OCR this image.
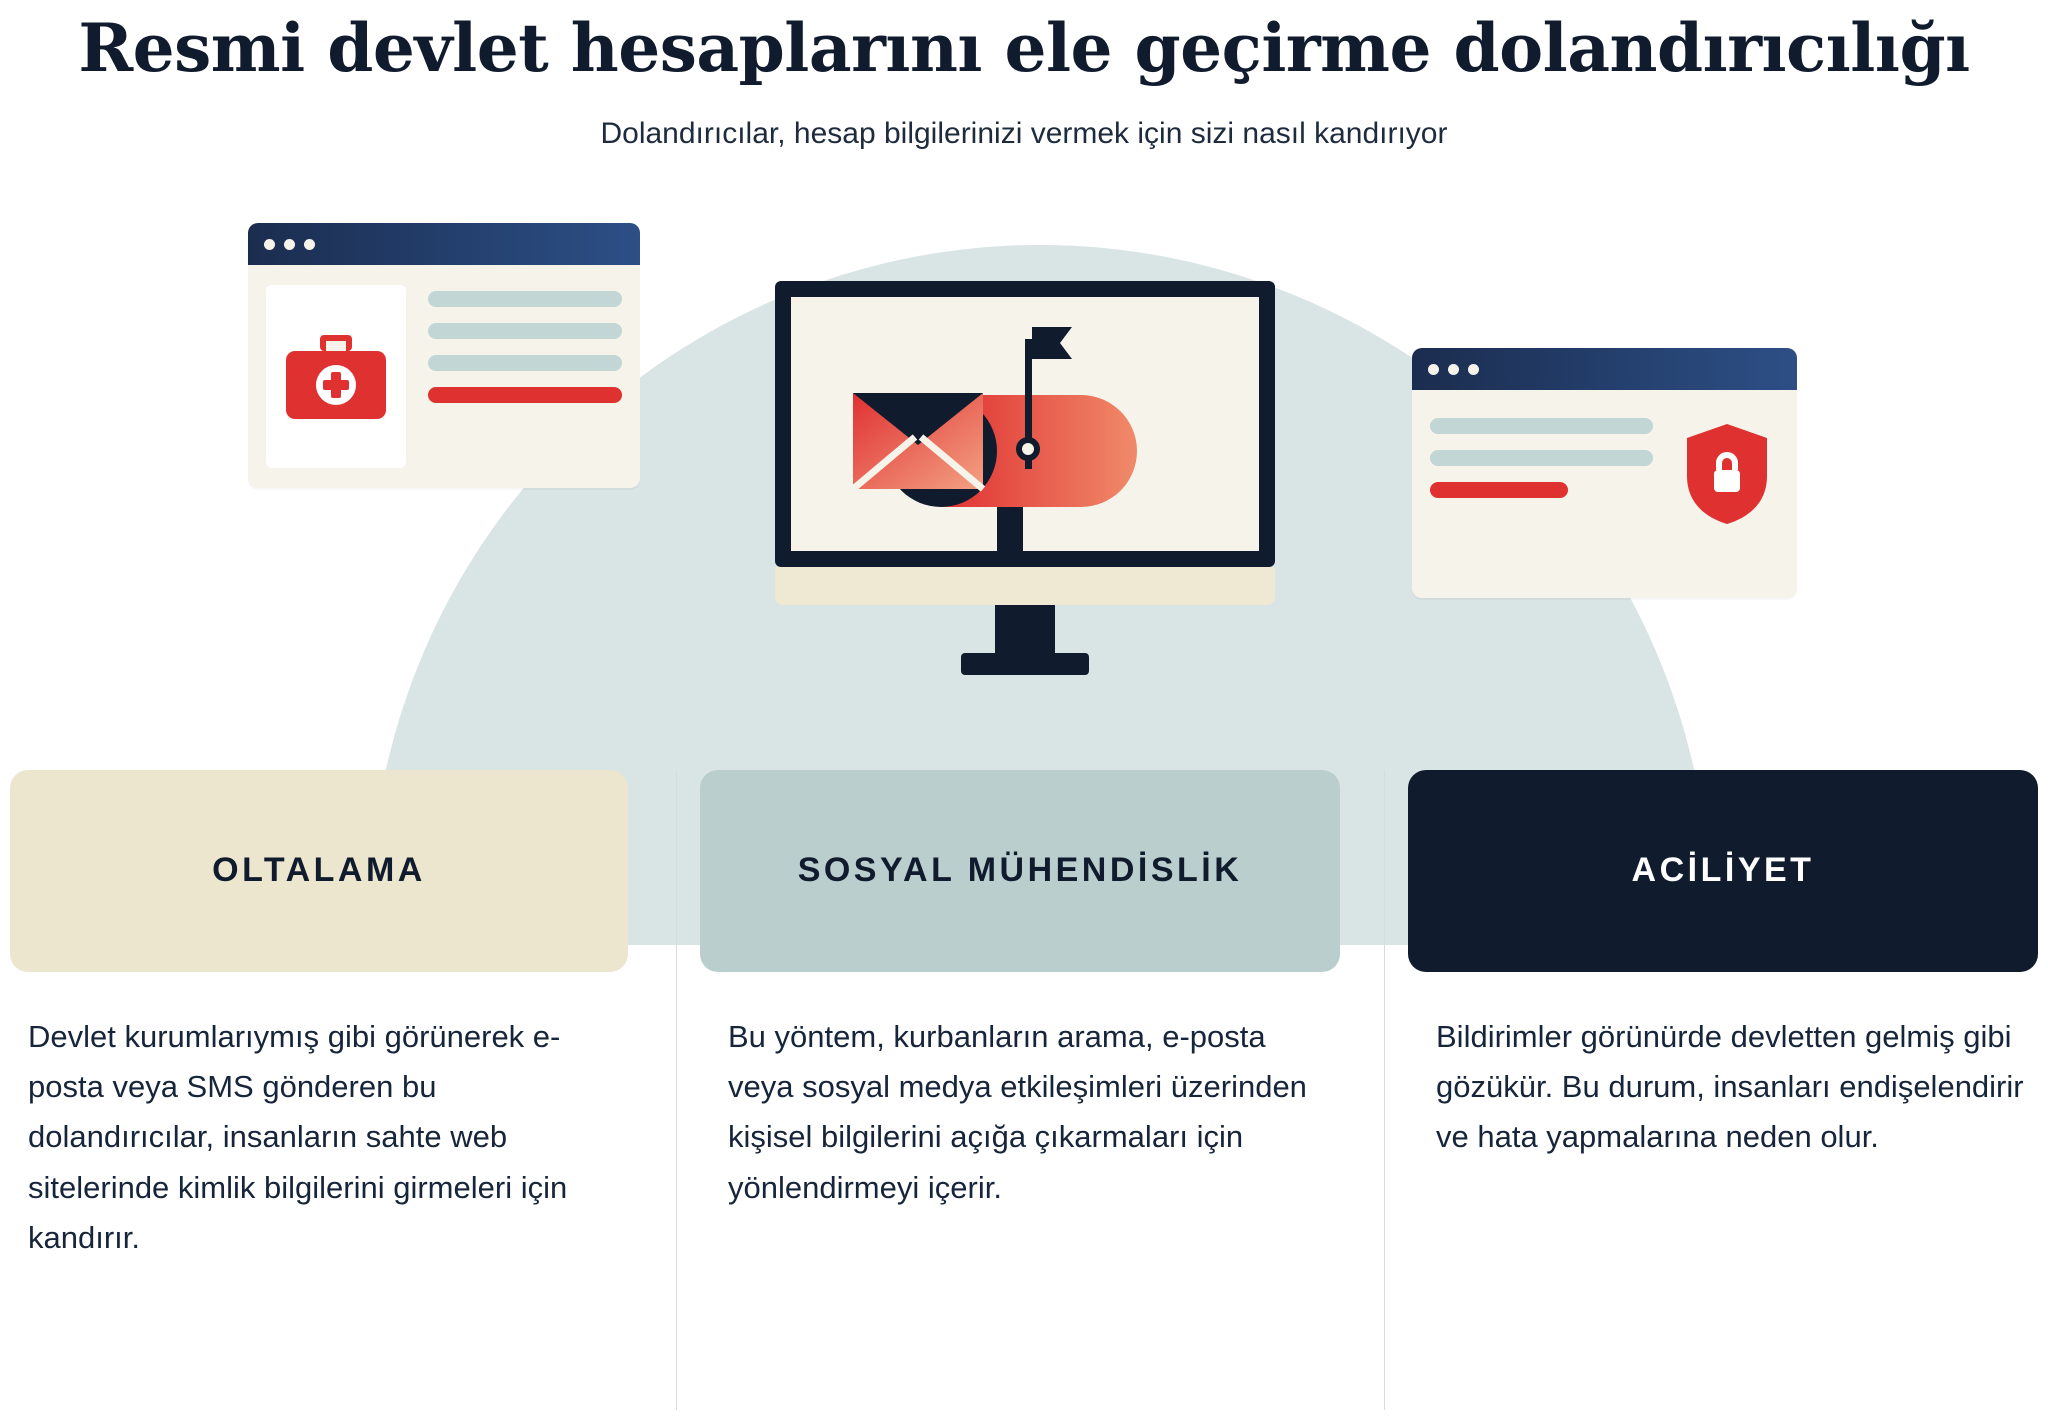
Resmi devlet hesaplarını ele geçirme dolandırıcılığı

Dolandırıcılar, hesap bilgilerinizi vermek için sizi nasıl kandırıyor

OLTALAMA	SOSYAL MÜHENDİSLİK	ACİLİYET
Devlet kurumlarıymış gibi görünerek e-posta veya SMS gönderen bu dolandırıcılar, insanların sahte web sitelerinde kimlik bilgilerini girmeleri için kandırır.
Bu yöntem, kurbanların arama, e-posta veya sosyal medya etkileşimleri üzerinden kişisel bilgilerini açığa çıkarmaları için yönlendirmeyi içerir.
Bildirimler görünürde devletten gelmiş gibi gözükür. Bu durum, insanları endişelendirir ve hata yapmalarına neden olur.
